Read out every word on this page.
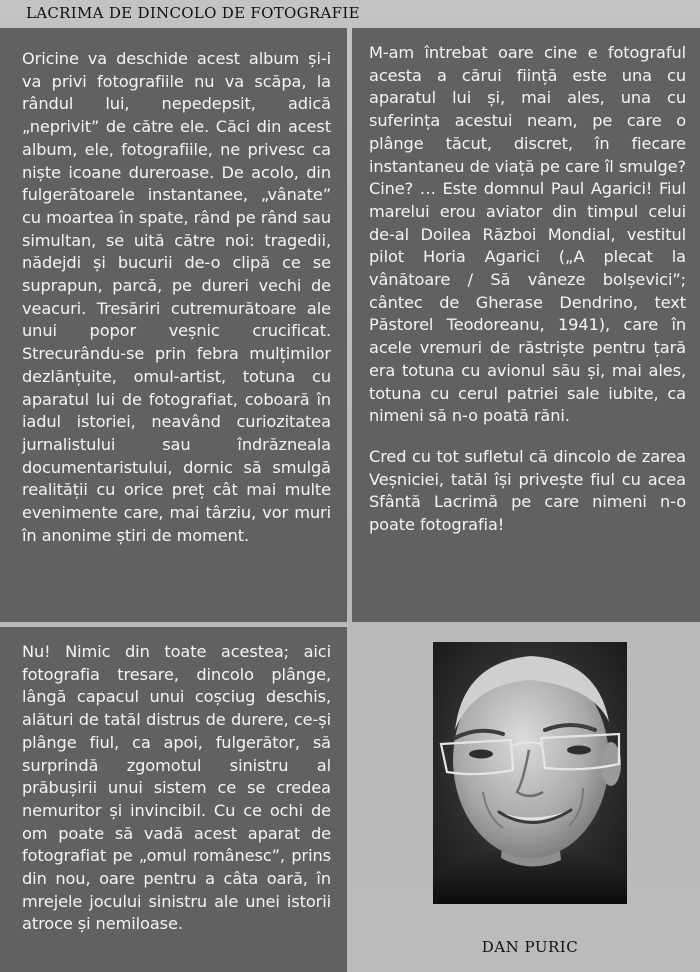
LACRIMA DE DINCOLO DE FOTOGRAFIE

Oricine va deschide acest album și-i va privi fotografiile nu va scăpa, la rândul lui, nepedepsit, adică „neprivit” de către ele. Căci din acest album, ele, fotografiile, ne privesc ca niște icoane dureroase. De acolo, din fulgerătoarele instantanee, „vânate” cu moartea în spate, rând pe rând sau simultan, se uită către noi: tragedii, nădejdi și bucurii de-o clipă ce se suprapun, parcă, pe dureri vechi de veacuri. Tresăriri cutremurătoare ale unui popor veșnic crucificat. Strecurându-se prin febra mulțimilor dezlănțuite, omul-artist, totuna cu aparatul lui de fotografiat, coboară în iadul istoriei, neavând curiozitatea jurnalistului sau îndrăzneala documentaristului, dornic să smulgă realității cu orice preț cât mai multe evenimente care, mai târziu, vor muri în anonime știri de moment.

M-am întrebat oare cine e fotograful acesta a cărui ființă este una cu aparatul lui și, mai ales, una cu suferința acestui neam, pe care o plânge tăcut, discret, în fiecare instantaneu de viață pe care îl smulge? Cine? … Este domnul Paul Agarici! Fiul marelui erou aviator din timpul celui de-al Doilea Război Mondial, vestitul pilot Horia Agarici („A plecat la vânătoare / Să vâneze bolșevici”; cântec de Gherase Dendrino, text Păstorel Teodoreanu, 1941), care în acele vremuri de răstriște pentru țară era totuna cu avionul său și, mai ales, totuna cu cerul patriei sale iubite, ca nimeni să n-o poată răni.

Cred cu tot sufletul că dincolo de zarea Veșniciei, tatăl își privește fiul cu acea Sfântă Lacrimă pe care nimeni n-o poate fotografia!

Nu! Nimic din toate acestea; aici fotografia tresare, dincolo plânge, lângă capacul unui coșciug deschis, alături de tatăl distrus de durere, ce-și plânge fiul, ca apoi, fulgerător, să surprindă zgomotul sinistru al prăbușirii unui sistem ce se credea nemuritor și invincibil. Cu ce ochi de om poate să vadă acest aparat de fotografiat pe „omul românesc”, prins din nou, oare pentru a câta oară, în mrejele jocului sinistru ale unei istorii atroce și nemiloase.

DAN PURIC
